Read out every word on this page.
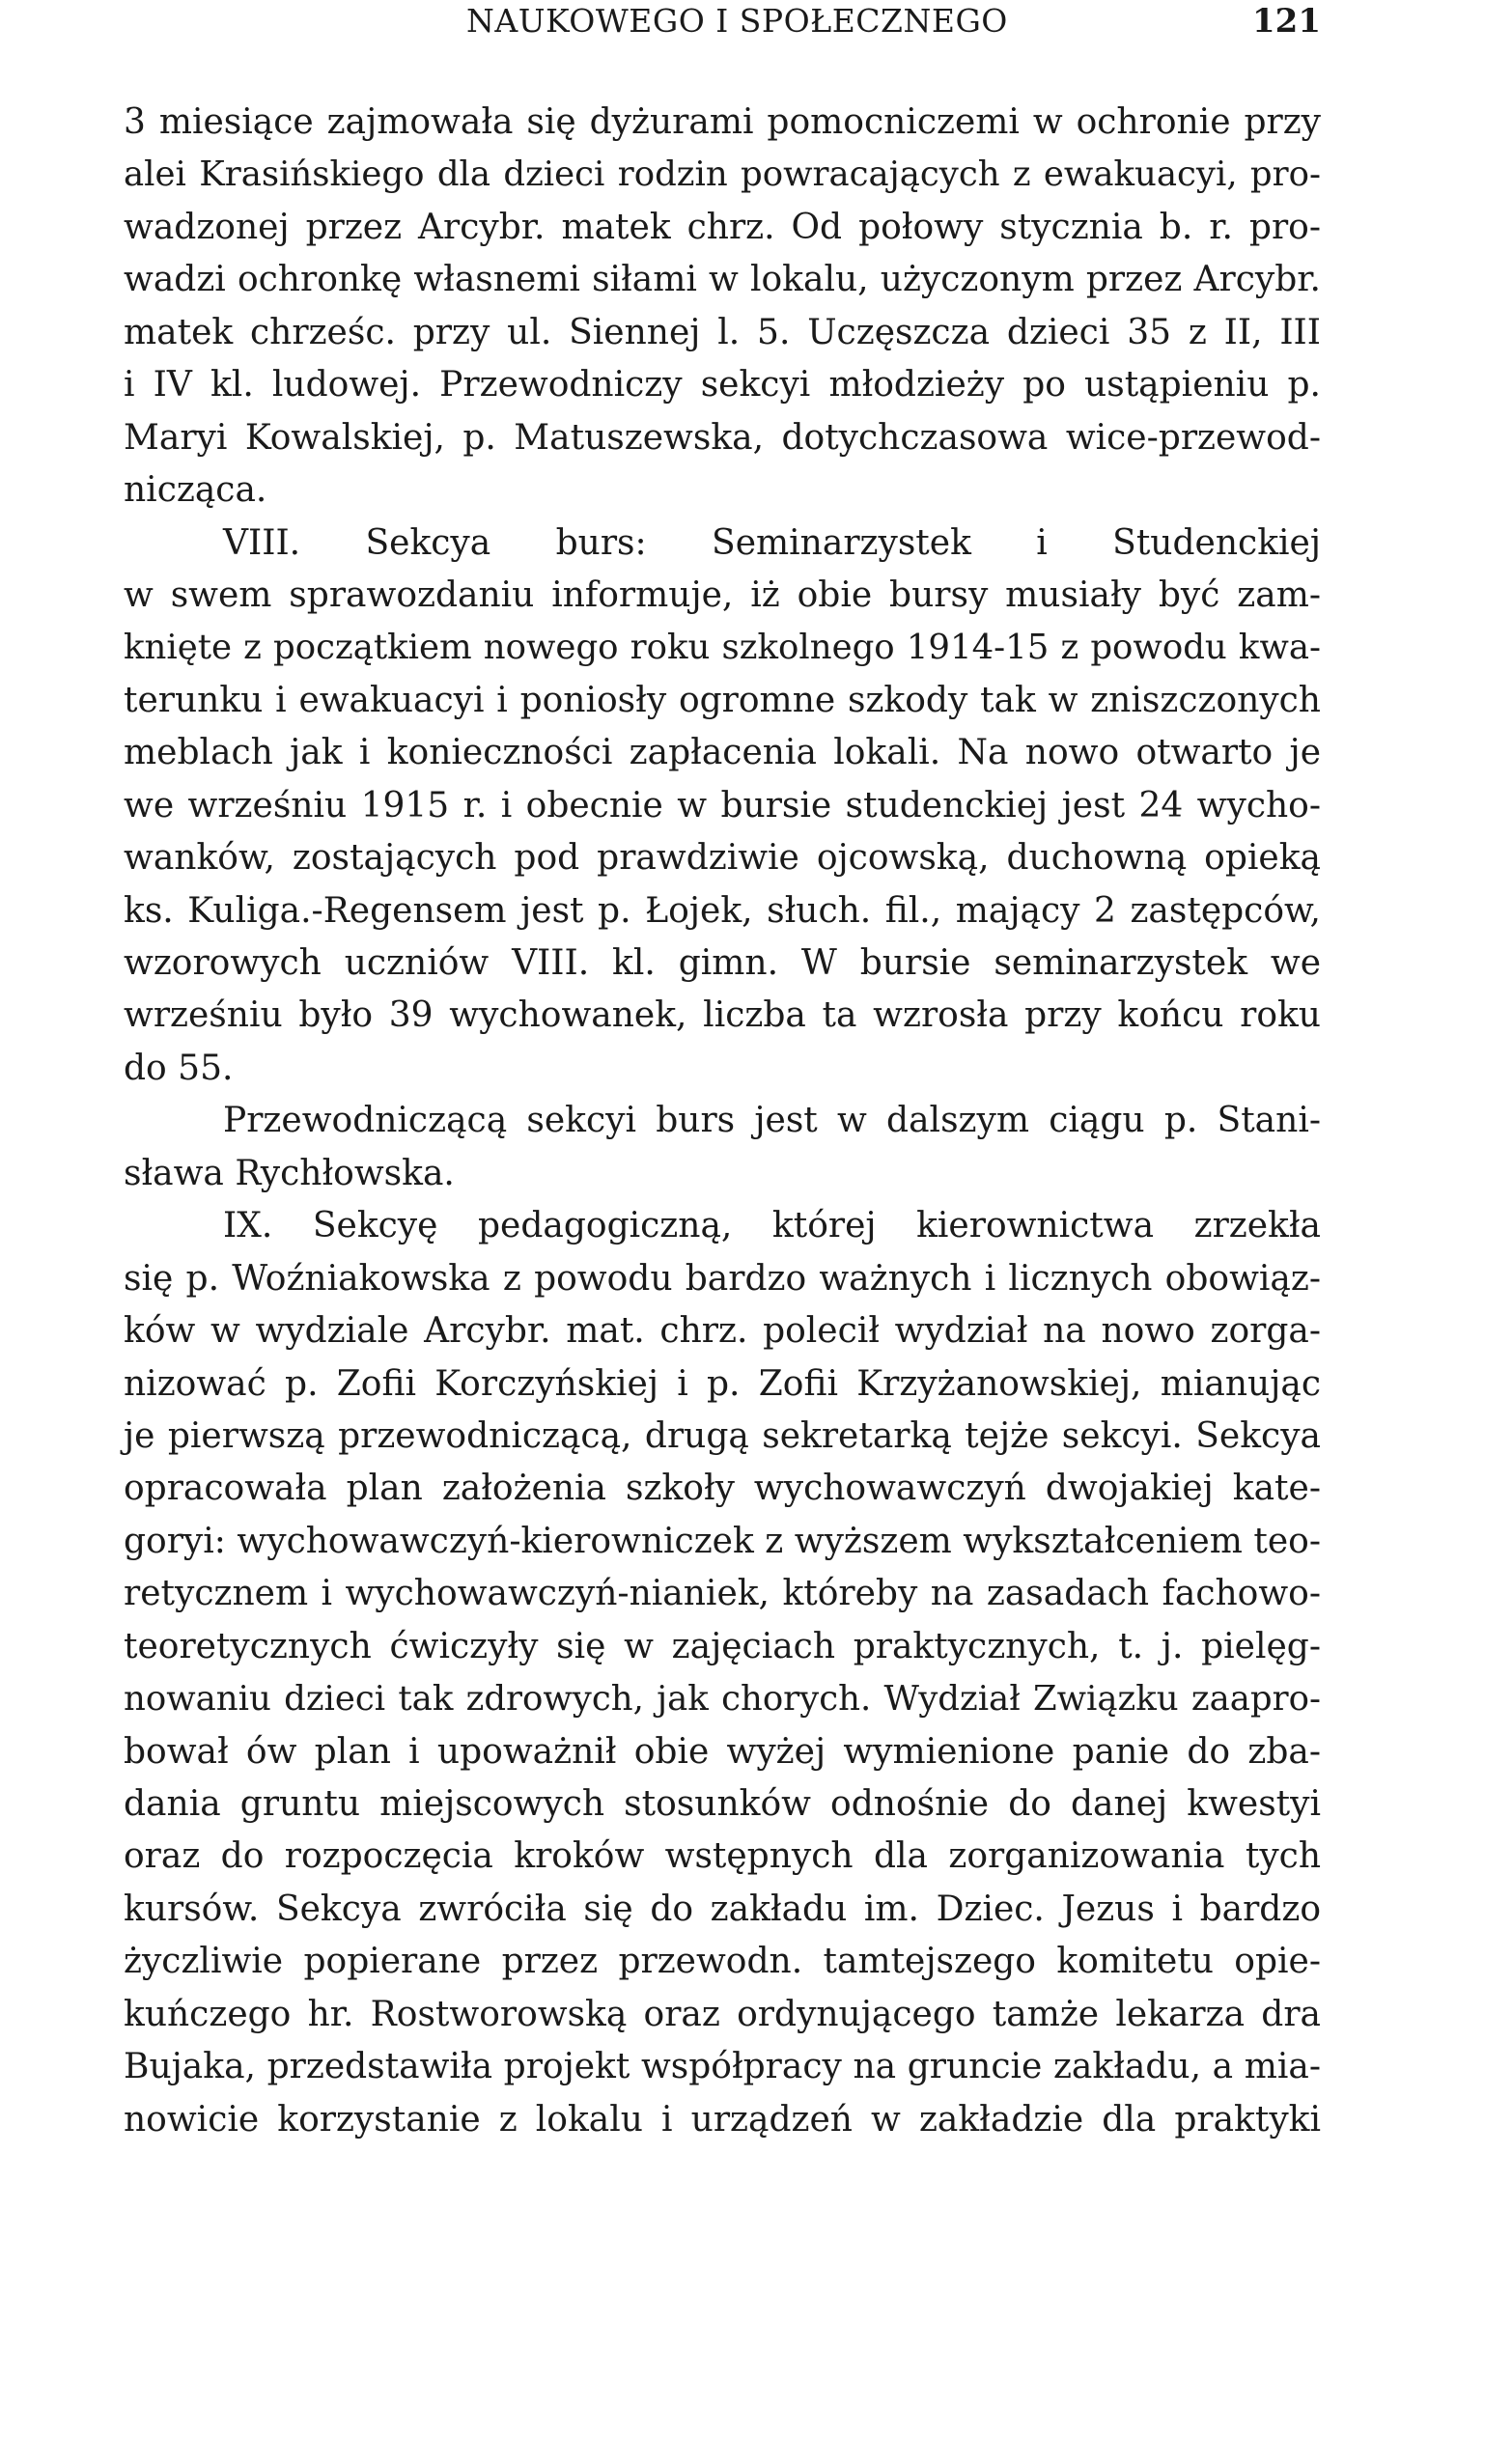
NAUKOWEGO I SPOŁECZNEGO	121
3 miesiące zajmowała się dyżurami pomocniczemi w ochronie przy
alei Krasińskiego dla dzieci rodzin powracających z ewakuacyi, pro-
wadzonej przez Arcybr. matek chrz. Od połowy stycznia b. r. pro-
wadzi ochronkę własnemi siłami w lokalu, użyczonym przez Arcybr.
matek chrześc. przy ul. Siennej l. 5. Uczęszcza dzieci 35 z II, III
i IV kl. ludowej. Przewodniczy sekcyi młodzieży po ustąpieniu p.
Maryi Kowalskiej, p. Matuszewska, dotychczasowa wice-przewod-
nicząca.
VIII. Sekcya burs: Seminarzystek i Studenckiej
w swem sprawozdaniu informuje, iż obie bursy musiały być zam-
knięte z początkiem nowego roku szkolnego 1914-15 z powodu kwa-
terunku i ewakuacyi i poniosły ogromne szkody tak w zniszczonych
meblach jak i konieczności zapłacenia lokali. Na nowo otwarto je
we wrześniu 1915 r. i obecnie w bursie studenckiej jest 24 wycho-
wanków, zostających pod prawdziwie ojcowską, duchowną opieką
ks. Kuliga.-Regensem jest p. Łojek, słuch. fil., mający 2 zastępców,
wzorowych uczniów VIII. kl. gimn. W bursie seminarzystek we
wrześniu było 39 wychowanek, liczba ta wzrosła przy końcu roku
do 55.
Przewodniczącą sekcyi burs jest w dalszym ciągu p. Stani-
sława Rychłowska.
IX. Sekcyę pedagogiczną, której kierownictwa zrzekła
się p. Woźniakowska z powodu bardzo ważnych i licznych obowiąz-
ków w wydziale Arcybr. mat. chrz. polecił wydział na nowo zorga-
nizować p. Zofii Korczyńskiej i p. Zofii Krzyżanowskiej, mianując
je pierwszą przewodniczącą, drugą sekretarką tejże sekcyi. Sekcya
opracowała plan założenia szkoły wychowawczyń dwojakiej kate-
goryi: wychowawczyń-kierowniczek z wyższem wykształceniem teo-
retycznem i wychowawczyń-nianiek, któreby na zasadach fachowo-
teoretycznych ćwiczyły się w zajęciach praktycznych, t. j. pielęg-
nowaniu dzieci tak zdrowych, jak chorych. Wydział Związku zaapro-
bował ów plan i upoważnił obie wyżej wymienione panie do zba-
dania gruntu miejscowych stosunków odnośnie do danej kwestyi
oraz do rozpoczęcia kroków wstępnych dla zorganizowania tych
kursów. Sekcya zwróciła się do zakładu im. Dziec. Jezus i bardzo
życzliwie popierane przez przewodn. tamtejszego komitetu opie-
kuńczego hr. Rostworowską oraz ordynującego tamże lekarza dra
Bujaka, przedstawiła projekt współpracy na gruncie zakładu, a mia-
nowicie korzystanie z lokalu i urządzeń w zakładzie dla praktyki
